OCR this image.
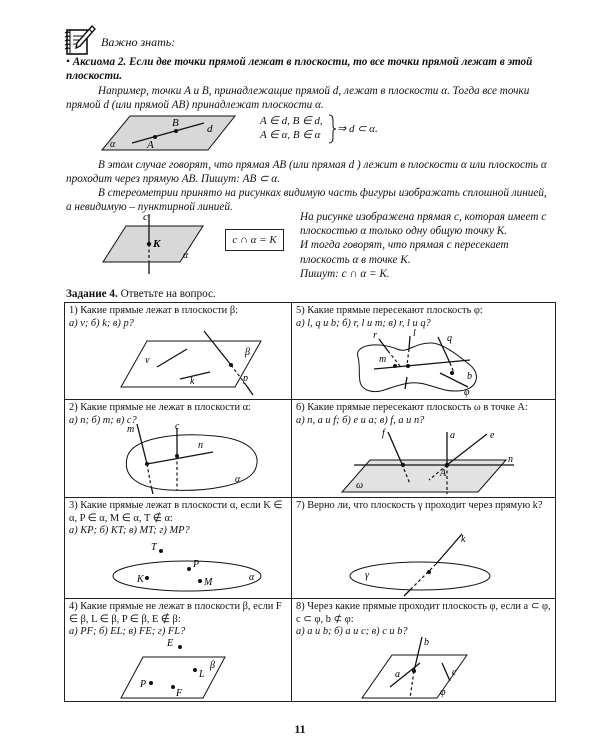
Важно знать:
• Аксиома 2. Если две точки прямой лежат в плоскости, то все точки прямой лежат в этой плоскости.
Например, точки A и B, принадлежащие прямой d, лежат в плоскости α. Тогда все точки прямой d (или прямой AB) принадлежат плоскости α.
A
B	d
α
A ∈ d, B ∈ d,
A ∈ α, B ∈ α ⇒ d ⊂ α.
В этом случае говорят, что прямая AB (или прямая d ) лежит в плоскости α или плоскость α проходит через прямую AB. Пишут: AB ⊂ α.
В стереометрии принято на рисунках видимую часть фигуры изображать сплошной линией, а невидимую – пунктирной линией.
c
K
α
c ∩ α = K
На рисунке изображена прямая c, которая имеет с плоскостью α только одну общую точку K.
И тогда говорят, что прямая c пересекает плоскость α в точке K.
Пишут: c ∩ α = K.
Задание 4. Ответьте на вопрос.
1) Какие прямые лежат в плоскости β:
а) v; б) k; в) p?
v
β
k	p
5) Какие прямые пересекают плоскость φ:
а) l, q и b; б) r, l и m; в) r, l и q?
r	l	q
m
b
φ
2) Какие прямые не лежат в плоскости α:
а) n; б) m; в) c?
m	c
n
α
6) Какие прямые пересекают плоскость ω в точке A:
а) n, a и f; б) e и a; в) f, a и n?
f	a	e
n
A
ω
3) Какие прямые лежат в плоскости α, если K ∈ α, P ∈ α, M ∈ α, T ∉ α:
а) KP; б) KT; в) MT; г) MP?
T
P
K	M	α
7) Верно ли, что плоскость γ проходит через прямую k?
k
γ
4) Какие прямые не лежат в плоскости β, если F ∈ β, L ∈ β, P ∈ β, E ∉ β:
а) PF; б) EL; в) FE; г) FL?
E
L
β
P
F
8) Через какие прямые проходит плоскость φ, если a ⊂ φ, c ⊂ φ, b ⊄ φ:
а) a и b; б) a и c; в) c и b?
b
a	c
φ
11
